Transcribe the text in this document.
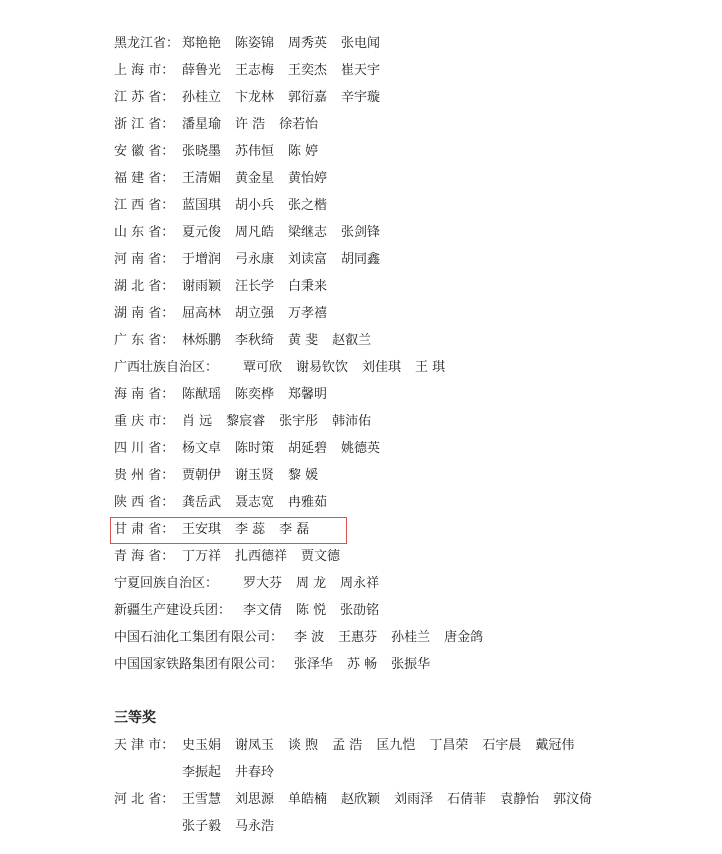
黑龙江省： 郑艳艳 陈姿锦 周秀英 张电闻
上 海 市： 薛鲁光 王志梅 王奕杰 崔天宇
江 苏 省： 孙桂立 卞龙林 郭衍嘉 辛宇璇
浙 江 省： 潘星瑜 许 浩 徐若怡
安 徽 省： 张晓墨 苏伟恒 陈 婷
福 建 省： 王清媚 黄金星 黄怡婷
江 西 省： 蓝国琪 胡小兵 张之楷
山 东 省： 夏元俊 周凡皓 梁继志 张剑锋
河 南 省： 于增润 弓永康 刘读富 胡同鑫
湖 北 省： 谢雨颖 汪长学 白秉来
湖 南 省： 屈高林 胡立强 万孝禧
广 东 省： 林烁鹏 李秋绮 黄 斐 赵叡兰
广西壮族自治区： 覃可欣 谢易钦饮 刘佳琪 王 琪
海 南 省： 陈猷瑶 陈奕桦 郑馨明
重 庆 市： 肖 远 黎宸睿 张宇彤 韩沛佑
四 川 省： 杨文卓 陈时策 胡延碧 姚德英
贵 州 省： 贾朝伊 谢玉贤 黎 媛
陕 西 省： 龚岳武 聂志宽 冉雅茹
甘 肃 省： 王安琪 李 蕊 李 磊
青 海 省： 丁万祥 扎西德祥 贾文德
宁夏回族自治区： 罗大芬 周 龙 周永祥
新疆生产建设兵团： 李文倩 陈 悦 张劭铭
中国石油化工集团有限公司： 李 波 王惠芬 孙桂兰 唐金鸽
中国国家铁路集团有限公司： 张泽华 苏 畅 张振华
三等奖
天 津 市： 史玉娟 谢凤玉 谈 煦 孟 浩 匡九恺 丁昌荣 石宇晨 戴冠伟
李振起 井春玲
河 北 省： 王雪慧 刘思源 单皓楠 赵欣颖 刘雨泽 石倩菲 袁静怡 郭汶倚
张子毅 马永浩
